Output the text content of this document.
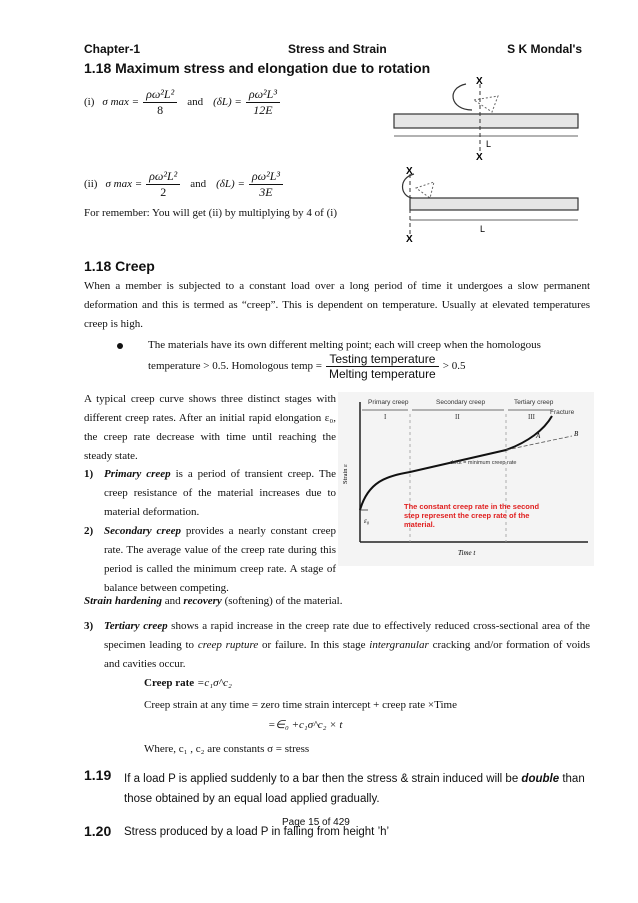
Chapter-1	Stress and Strain	S K Mondal's
1.18 Maximum stress and elongation due to rotation
(i) σ $\max = \frac{\text{ρω²L²}}{8}$ and $(\delta L) = \frac{\text{ρω²L³}}{12E}$
(ii) σ $\max = \frac{\text{ρω²L²}}{2}$ and $(\delta L) = \frac{\text{ρω²L³}}{3E}$
For remember: You will get (ii) by multiplying by 4 of (i)
X
X
L
X
X
L
1.18 Creep
When a member is subjected to a constant load over a long period of time it undergoes a slow permanent deformation and this is termed as “creep”. This is dependent on temperature. Usually at elevated temperatures creep is high.
The materials have its own different melting point; each will creep when the homologous
temperature > 0.5. Homologous temp = $\frac{\text{Testing temperature}}{\text{Melting temperature}} > 0.5$
A typical creep curve shows three distinct stages with different creep rates. After an initial rapid elongation ε₀, the creep rate decrease with time until reaching the steady state.
1) Primary creep is a period of transient creep. The creep resistance of the material increases due to material deformation.
2) Secondary creep provides a nearly constant creep rate. The average value of the creep rate during this period is called the minimum creep rate. A stage of balance between competing.
Primary creep	Secondary creep	Tertiary creep
I	II	III
Fracture
A	B
dε/dt = minimum creep rate
ε₀
Strain ε
Time t
The constant creep rate in the second step represent the creep rate of the material.
Strain hardening and recovery (softening) of the material.
3) Tertiary creep shows a rapid increase in the creep rate due to effectively reduced cross-sectional area of the specimen leading to creep rupture or failure. In this stage intergranular cracking and/or formation of voids and cavities occur.
Creep rate =c₁σ^c₂
Creep strain at any time = zero time strain intercept + creep rate ×Time
=∈₀ +c₁σ^c₂ × t
Where, c₁ , c₂ are constants σ = stress
1.19 If a load P is applied suddenly to a bar then the stress & strain induced will be double than those obtained by an equal load applied gradually.
Page 15 of 429
1.20 Stress produced by a load P in falling from height ’h’
